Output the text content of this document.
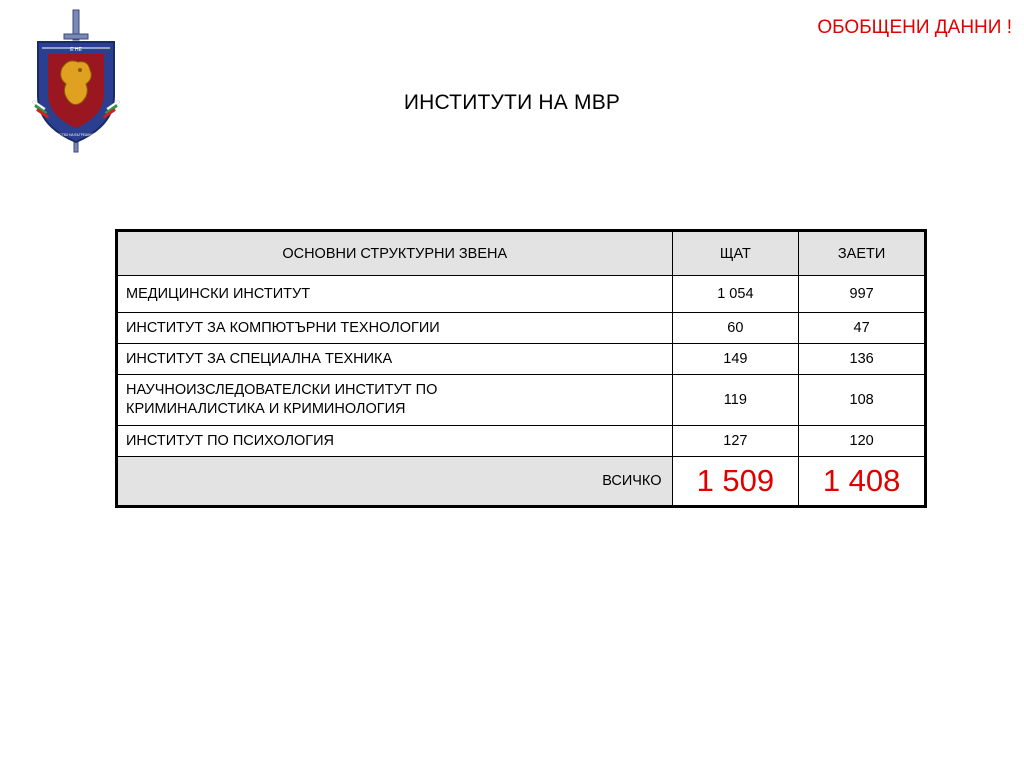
Е НЕ
МИНИСТЕРСТВО НА ВЪТРЕШНИТЕ РАБОТИ
ОБОБЩЕНИ ДАННИ !
ИНСТИТУТИ НА МВР
ОСНОВНИ СТРУКТУРНИ ЗВЕНА	ЩАТ	ЗАЕТИ
МЕДИЦИНСКИ ИНСТИТУТ	1 054	997
ИНСТИТУТ ЗА КОМПЮТЪРНИ ТЕХНОЛОГИИ	60	47
ИНСТИТУТ ЗА СПЕЦИАЛНА ТЕХНИКА	149	136

НАУЧНОИЗСЛЕДОВАТЕЛСКИ ИНСТИТУТ ПО
КРИМИНАЛИСТИКА И КРИМИНОЛОГИЯ	119	108
ИНСТИТУТ ПО ПСИХОЛОГИЯ	127	120
ВСИЧКО	1 509	1 408
